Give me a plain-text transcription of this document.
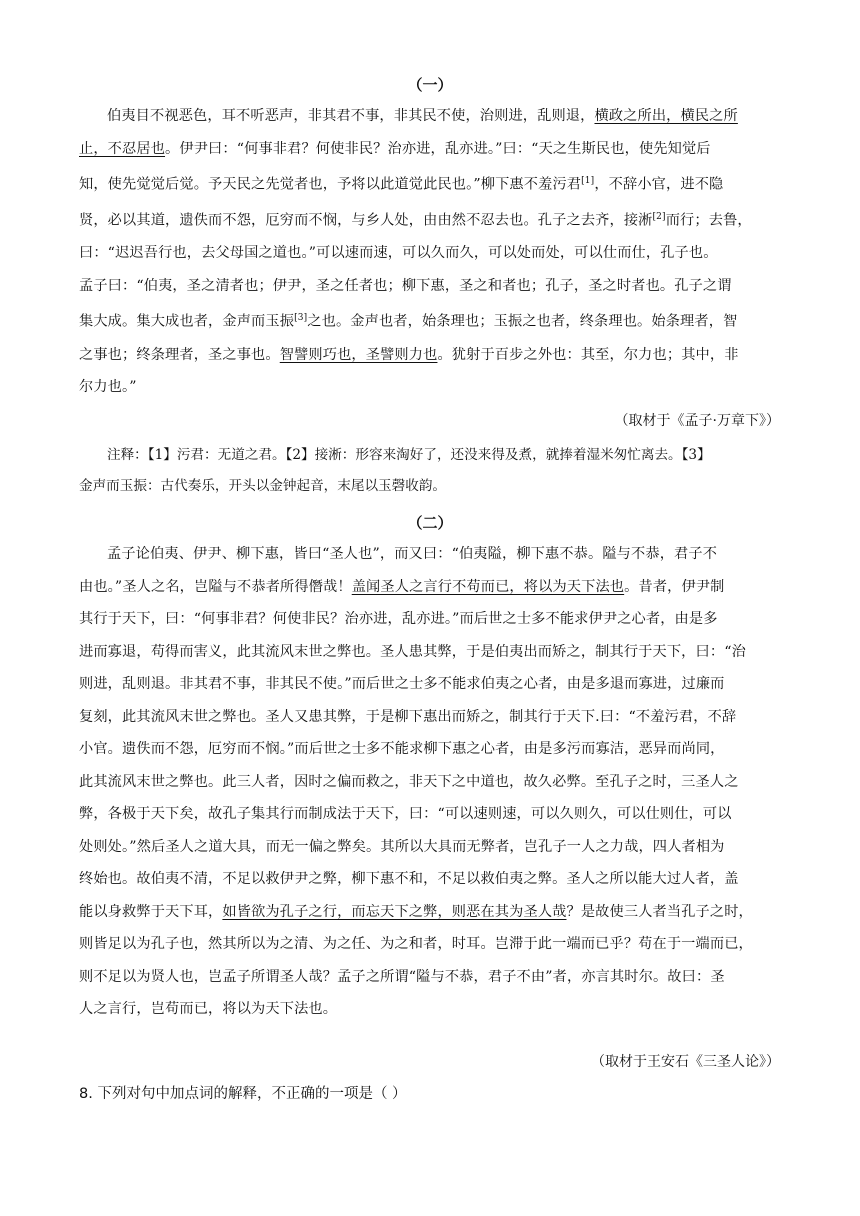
（一）
伯夷目不视恶色，耳不听恶声，非其君不事，非其民不使，治则进，乱则退，横政之所出，横民之所
止，不忍居也。伊尹曰：“何事非君？何使非民？治亦进，乱亦进。”曰：“天之生斯民也，使先知觉后
知，使先觉觉后觉。予天民之先觉者也，予将以此道觉此民也。”柳下惠不羞污君[1]，不辞小官，进不隐
贤，必以其道，遗佚而不怨，厄穷而不悯，与乡人处，由由然不忍去也。孔子之去齐，接淅[2]而行；去鲁，
曰：“迟迟吾行也，去父母国之道也。”可以速而速，可以久而久，可以处而处，可以仕而仕，孔子也。
孟子曰：“伯夷，圣之清者也；伊尹，圣之任者也；柳下惠，圣之和者也；孔子，圣之时者也。孔子之谓
集大成。集大成也者，金声而玉振[3]之也。金声也者，始条理也；玉振之也者，终条理也。始条理者，智
之事也；终条理者，圣之事也。智譬则巧也，圣譬则力也。犹射于百步之外也：其至，尔力也；其中，非
尔力也。”
（取材于《孟子·万章下》）
注释：【1】污君：无道之君。【2】接淅：形容来淘好了，还没来得及煮，就捧着湿米匆忙离去。【3】
金声而玉振：古代奏乐，开头以金钟起音，末尾以玉磬收韵。
（二）
孟子论伯夷、伊尹、柳下惠，皆曰“圣人也”，而又曰：“伯夷隘，柳下惠不恭。隘与不恭，君子不
由也。”圣人之名，岂隘与不恭者所得僭哉！盖闻圣人之言行不苟而已，将以为天下法也。昔者，伊尹制
其行于天下，曰：“何事非君？何使非民？治亦进，乱亦进。”而后世之士多不能求伊尹之心者，由是多
进而寡退，苟得而害义，此其流风末世之弊也。圣人患其弊，于是伯夷出而矫之，制其行于天下，曰：“治
则进，乱则退。非其君不事，非其民不使。”而后世之士多不能求伯夷之心者，由是多退而寡进，过廉而
复刻，此其流风末世之弊也。圣人又患其弊，于是柳下惠出而矫之，制其行于天下.曰：“不羞污君，不辞
小官。遗佚而不怨，厄穷而不悯。”而后世之士多不能求柳下惠之心者，由是多污而寡洁，恶异而尚同，
此其流风末世之弊也。此三人者，因时之偏而救之，非天下之中道也，故久必弊。至孔子之时，三圣人之
弊，各极于天下矣，故孔子集其行而制成法于天下，曰：“可以速则速，可以久则久，可以仕则仕，可以
处则处。”然后圣人之道大具，而无一偏之弊矣。其所以大具而无弊者，岂孔子一人之力哉，四人者相为
终始也。故伯夷不清，不足以救伊尹之弊，柳下惠不和，不足以救伯夷之弊。圣人之所以能大过人者，盖
能以身救弊于天下耳，如皆欲为孔子之行，而忘天下之弊，则恶在其为圣人哉？是故使三人者当孔子之时，
则皆足以为孔子也，然其所以为之清、为之任、为之和者，时耳。岂滞于此一端而已乎？苟在于一端而已，
则不足以为贤人也，岂孟子所谓圣人哉？孟子之所谓“隘与不恭，君子不由”者，亦言其时尔。故曰：圣
人之言行，岂苟而已，将以为天下法也。
（取材于王安石《三圣人论》）
8. 下列对句中加点词的解释，不正确的一项是（ ）
